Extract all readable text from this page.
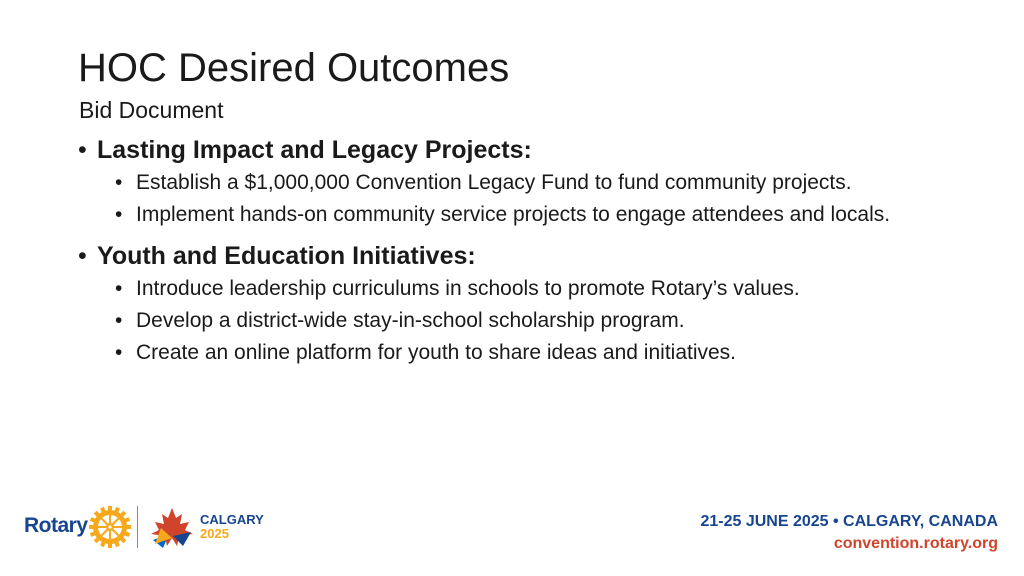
HOC Desired Outcomes
Bid Document
• Lasting Impact and Legacy Projects:
• Establish a $1,000,000 Convention Legacy Fund to fund community projects.
• Implement hands-on community service projects to engage attendees and locals.
• Youth and Education Initiatives:
• Introduce leadership curriculums in schools to promote Rotary’s values.
• Develop a district-wide stay-in-school scholarship program.
• Create an online platform for youth to share ideas and initiatives.
Rotary	CALGARY
2025
21-25 JUNE 2025 • CALGARY, CANADA
convention.rotary.org
